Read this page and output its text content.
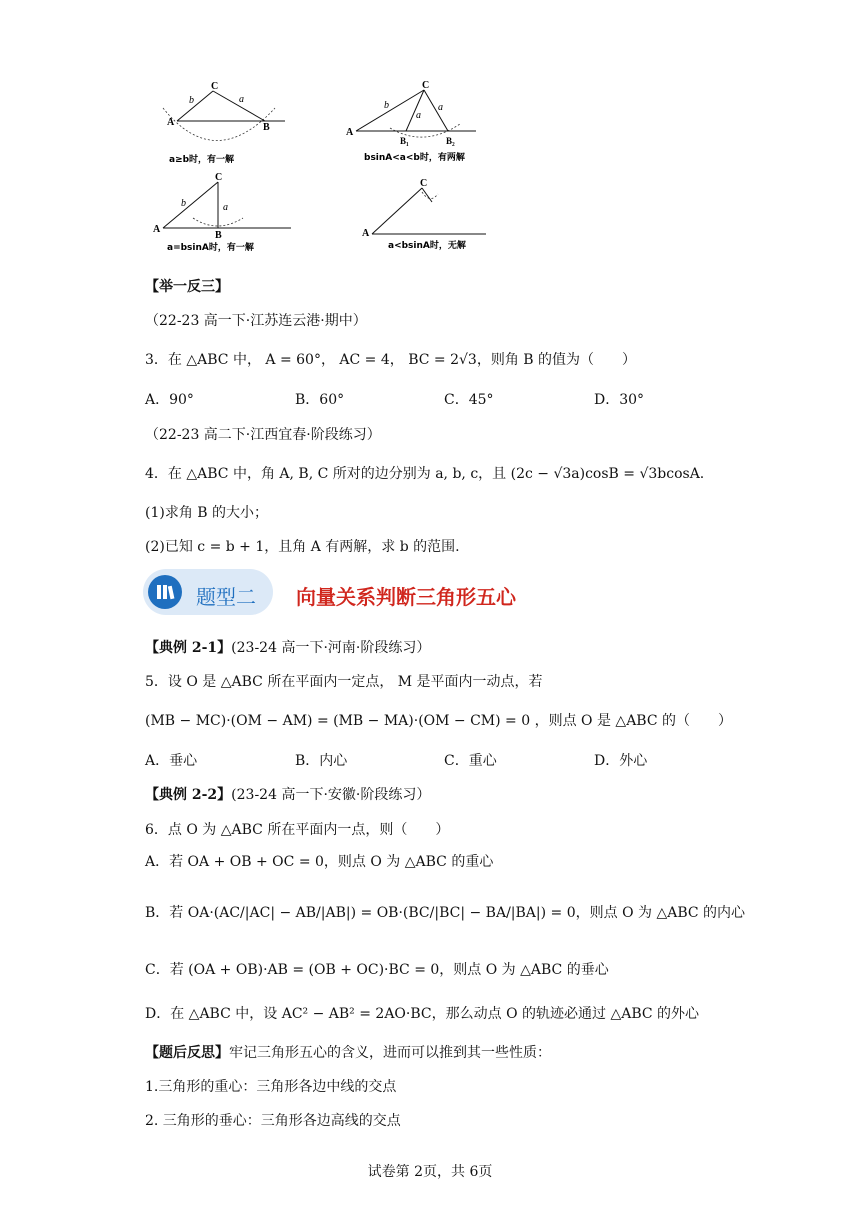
C
A	B
a
b
a≥b时，有一解
C
A
B₁	B₂
a
a
b
bsinA<a<b时，有两解
C
A
B
a
b
a=bsinA时，有一解
C
A
a<bsinA时，无解
【举一反三】
（22-23 高一下·江苏连云港·期中）
3．在 △ABC 中， A = 60°， AC = 4， BC = 2√3，则角 B 的值为（　　）
A．90°	B．60°	C．45°	D．30°
（22-23 高二下·江西宜春·阶段练习）
4．在 △ABC 中，角 A, B, C 所对的边分别为 a, b, c，且 (2c − √3a)cosB = √3bcosA.
(1)求角 B 的大小；
(2)已知 c = b + 1，且角 A 有两解，求 b 的范围.
题型二 向量关系判断三角形五心
【典例 2-1】(23-24 高一下·河南·阶段练习）
5．设 O 是 △ABC 所在平面内一定点， M 是平面内一动点，若
(MB − MC)·(OM − AM) = (MB − MA)·(OM − CM) = 0 ，则点 O 是 △ABC 的（　　）
A．垂心	B．内心	C．重心	D．外心
【典例 2-2】(23-24 高一下·安徽·阶段练习）
6．点 O 为 △ABC 所在平面内一点，则（　　）
A．若 OA + OB + OC = 0，则点 O 为 △ABC 的重心
B．若 OA·(AC/|AC| − AB/|AB|) = OB·(BC/|BC| − BA/|BA|) = 0，则点 O 为 △ABC 的内心
C．若 (OA + OB)·AB = (OB + OC)·BC = 0，则点 O 为 △ABC 的垂心
D．在 △ABC 中，设 AC² − AB² = 2AO·BC，那么动点 O 的轨迹必通过 △ABC 的外心
【题后反思】牢记三角形五心的含义，进而可以推到其一些性质：
1.三角形的重心：三角形各边中线的交点
2. 三角形的垂心：三角形各边高线的交点
试卷第 2页，共 6页
